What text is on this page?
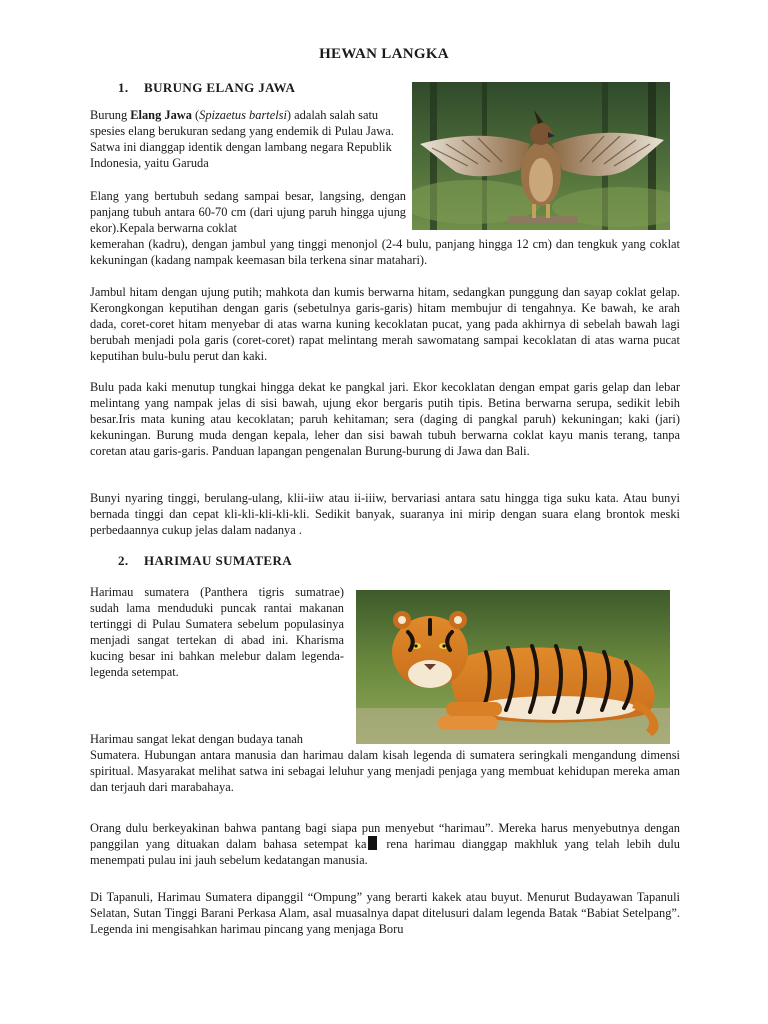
HEWAN LANGKA
1. BURUNG ELANG JAWA

Burung Elang Jawa (Spizaetus bartelsi) adalah salah satu spesies elang berukuran sedang yang endemik di Pulau Jawa. Satwa ini dianggap identik dengan lambang negara Republik Indonesia, yaitu Garuda

Elang yang bertubuh sedang sampai besar, langsing, dengan panjang tubuh antara 60-70 cm (dari ujung paruh hingga ujung ekor).Kepala berwarna coklat

kemerahan (kadru), dengan jambul yang tinggi menonjol (2-4 bulu, panjang hingga 12 cm) dan tengkuk yang coklat kekuningan (kadang nampak keemasan bila terkena sinar matahari).

Jambul hitam dengan ujung putih; mahkota dan kumis berwarna hitam, sedangkan punggung dan sayap coklat gelap. Kerongkongan keputihan dengan garis (sebetulnya garis-garis) hitam membujur di tengahnya. Ke bawah, ke arah dada, coret-coret hitam menyebar di atas warna kuning kecoklatan pucat, yang pada akhirnya di sebelah bawah lagi berubah menjadi pola garis (coret-coret) rapat melintang merah sawomatang sampai kecoklatan di atas warna pucat keputihan bulu-bulu perut dan kaki.

Bulu pada kaki menutup tungkai hingga dekat ke pangkal jari. Ekor kecoklatan dengan empat garis gelap dan lebar melintang yang nampak jelas di sisi bawah, ujung ekor bergaris putih tipis. Betina berwarna serupa, sedikit lebih besar.Iris mata kuning atau kecoklatan; paruh kehitaman; sera (daging di pangkal paruh) kekuningan; kaki (jari) kekuningan. Burung muda dengan kepala, leher dan sisi bawah tubuh berwarna coklat kayu manis terang, tanpa coretan atau garis-garis. Panduan lapangan pengenalan Burung-burung di Jawa dan Bali.

Bunyi nyaring tinggi, berulang-ulang, klii-iiw atau ii-iiiw, bervariasi antara satu hingga tiga suku kata. Atau bunyi bernada tinggi dan cepat kli-kli-kli-kli-kli. Sedikit banyak, suaranya ini mirip dengan suara elang brontok meski perbedaannya cukup jelas dalam nadanya .

2. HARIMAU SUMATERA

Harimau sumatera (Panthera tigris sumatrae) sudah lama menduduki puncak rantai makanan tertinggi di Pulau Sumatera sebelum populasinya menjadi sangat tertekan di abad ini. Kharisma kucing besar ini bahkan melebur dalam legenda-legenda setempat.

Harimau sangat lekat dengan budaya tanah

Sumatera. Hubungan antara manusia dan harimau dalam kisah legenda di sumatera seringkali mengandung dimensi spiritual. Masyarakat melihat satwa ini sebagai leluhur yang menjadi penjaga yang membuat kehidupan mereka aman dan terjauh dari marabahaya.

Orang dulu berkeyakinan bahwa pantang bagi siapa pun menyebut “harimau”. Mereka harus menyebutnya dengan panggilan yang dituakan dalam bahasa setempat ka rena harimau dianggap makhluk yang telah lebih dulu menempati pulau ini jauh sebelum kedatangan manusia.

Di Tapanuli, Harimau Sumatera dipanggil “Ompung” yang berarti kakek atau buyut. Menurut Budayawan Tapanuli Selatan, Sutan Tinggi Barani Perkasa Alam, asal muasalnya dapat ditelusuri dalam legenda Batak “Babiat Setelpang”. Legenda ini mengisahkan harimau pincang yang menjaga Boru
